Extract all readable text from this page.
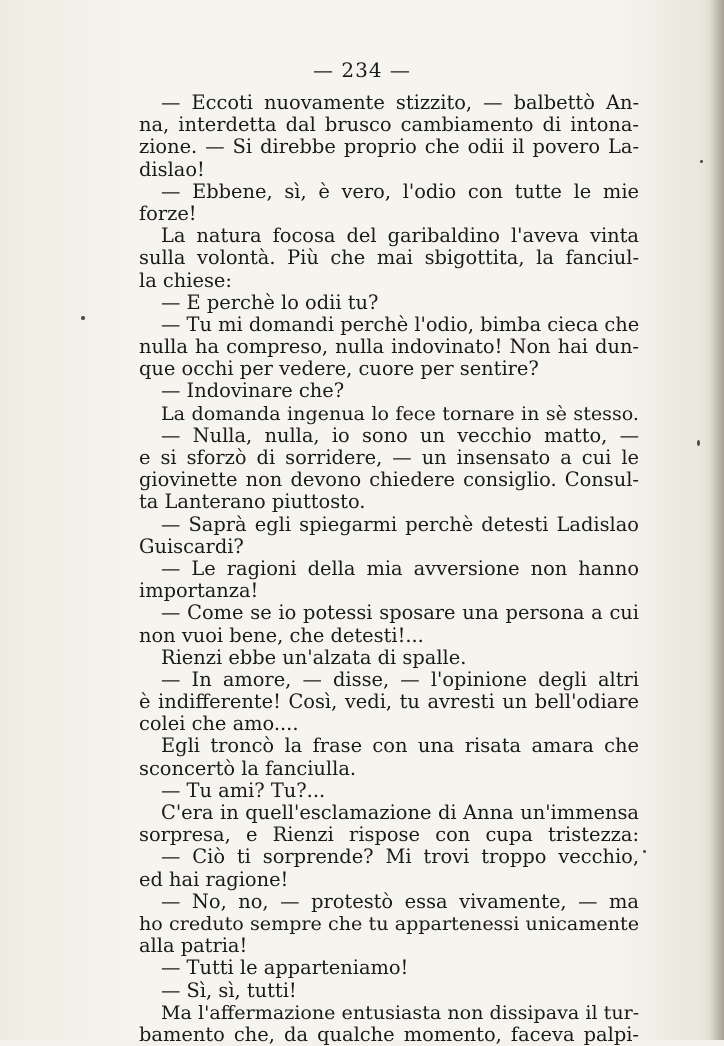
— 234 —
— Eccoti nuovamente stizzito, — balbettò An-
na, interdetta dal brusco cambiamento di intona-
zione. — Si direbbe proprio che odii il povero La-
dislao!
— Ebbene, sì, è vero, l'odio con tutte le mie
forze!
La natura focosa del garibaldino l'aveva vinta
sulla volontà. Più che mai sbigottita, la fanciul-
la chiese:
— E perchè lo odii tu?
— Tu mi domandi perchè l'odio, bimba cieca che
nulla ha compreso, nulla indovinato! Non hai dun-
que occhi per vedere, cuore per sentire?
— Indovinare che?
La domanda ingenua lo fece tornare in sè stesso.
— Nulla, nulla, io sono un vecchio matto, —
e si sforzò di sorridere, — un insensato a cui le
giovinette non devono chiedere consiglio. Consul-
ta Lanterano piuttosto.
— Saprà egli spiegarmi perchè detesti Ladislao
Guiscardi?
— Le ragioni della mia avversione non hanno
importanza!
— Come se io potessi sposare una persona a cui
non vuoi bene, che detesti!...
Rienzi ebbe un'alzata di spalle.
— In amore, — disse, — l'opinione degli altri
è indifferente! Così, vedi, tu avresti un bell'odiare
colei che amo....
Egli troncò la frase con una risata amara che
sconcertò la fanciulla.
— Tu ami? Tu?...
C'era in quell'esclamazione di Anna un'immensa
sorpresa, e Rienzi rispose con cupa tristezza:
— Ciò ti sorprende? Mi trovi troppo vecchio,
ed hai ragione!
— No, no, — protestò essa vivamente, — ma
ho creduto sempre che tu appartenessi unicamente
alla patria!
— Tutti le apparteniamo!
— Sì, sì, tutti!
Ma l'affermazione entusiasta non dissipava il tur-
bamento che, da qualche momento, faceva palpi-
